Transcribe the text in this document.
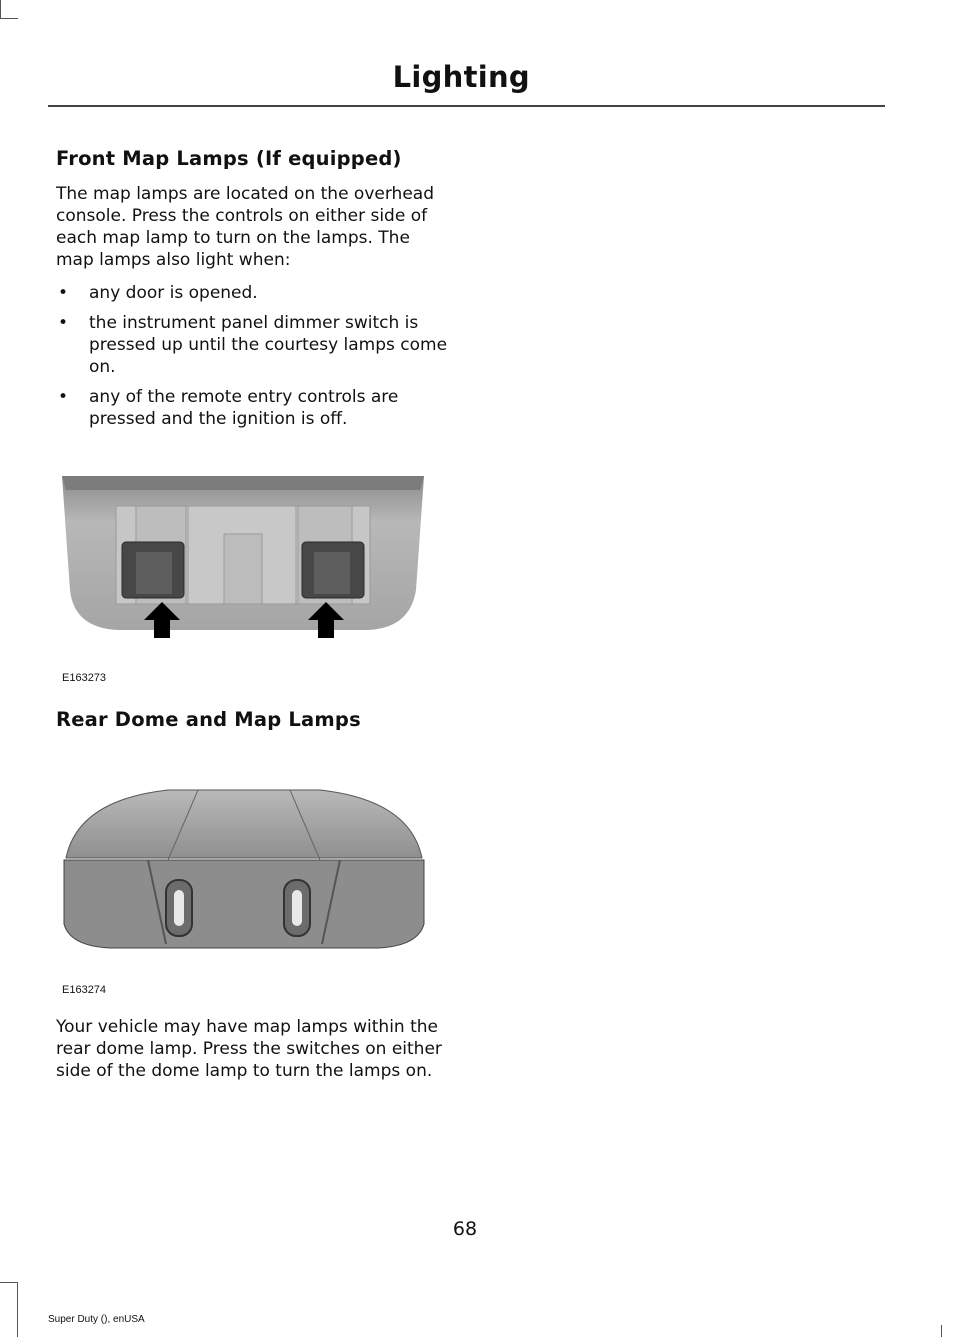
Lighting
Front Map Lamps (If equipped)

The map lamps are located on the overhead console. Press the controls on either side of each map lamp to turn on the lamps. The map lamps also light when:

• any door is opened.
• the instrument panel dimmer switch is pressed up until the courtesy lamps come on.
• any of the remote entry controls are pressed and the ignition is off.
E163273
Rear Dome and Map Lamps
E163274

Your vehicle may have map lamps within the rear dome lamp. Press the switches on either side of the dome lamp to turn the lamps on.

68
Super Duty (), enUSA
